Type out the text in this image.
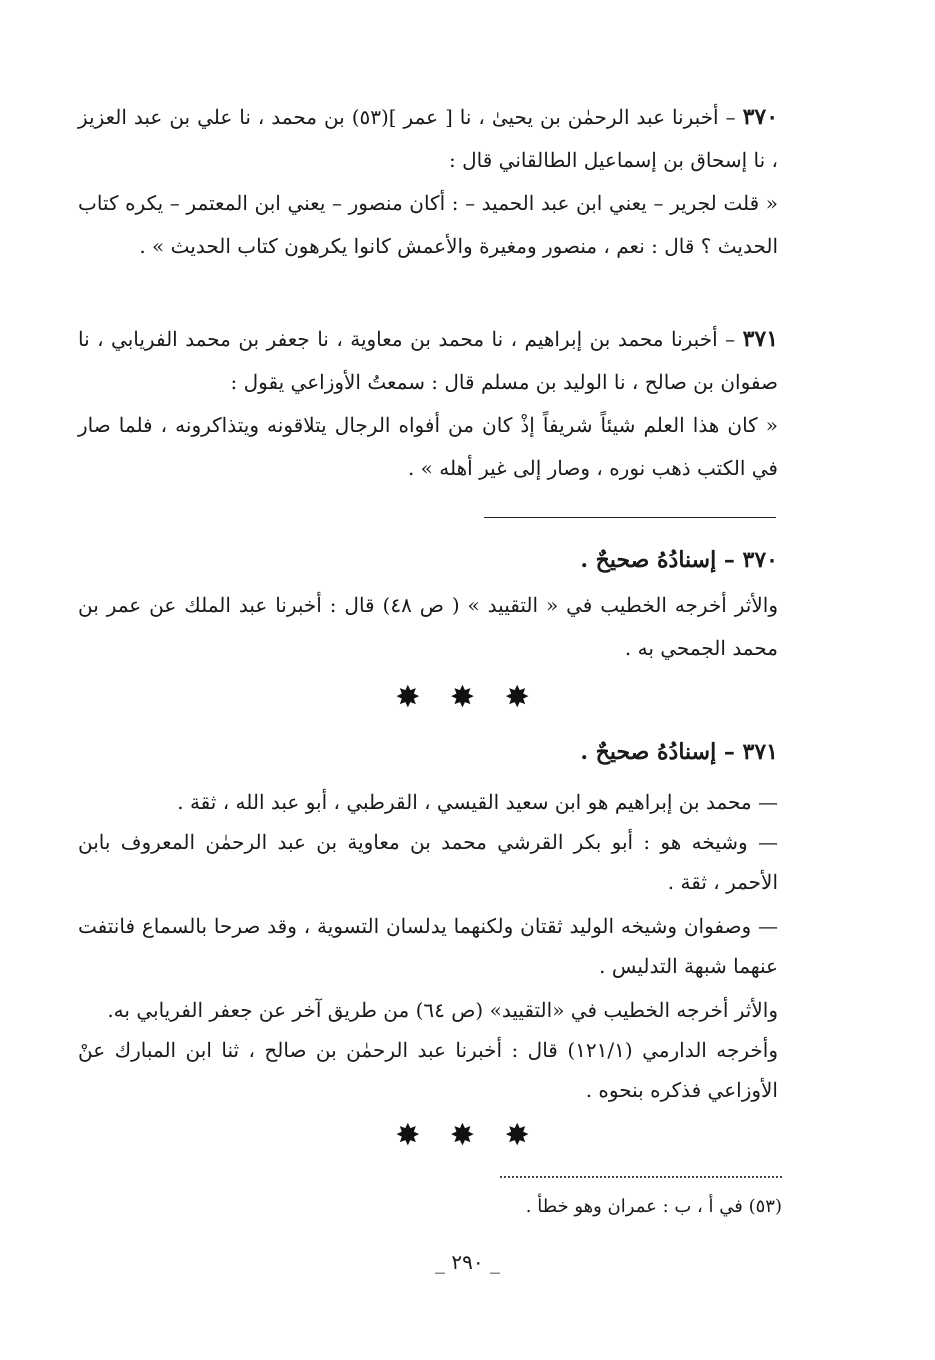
٣٧٠ – أخبرنا عبد الرحمٰن بن يحيىٰ ، نا [ عمر ](٥٣) بن محمد ، نا علي بن عبد العزيز ، نا إسحاق بن إسماعيل الطالقاني قال :

« قلت لجرير – يعني ابن عبد الحميد – : أكان منصور – يعني ابن المعتمر – يكره كتاب الحديث ؟ قال : نعم ، منصور ومغيرة والأعمش كانوا يكرهون كتاب الحديث » .

٣٧١ – أخبرنا محمد بن إبراهيم ، نا محمد بن معاوية ، نا جعفر بن محمد الفريابي ، نا صفوان بن صالح ، نا الوليد بن مسلم قال : سمعتُ الأوزاعي يقول :

« كان هذا العلم شيئاً شريفاً إذْ كان من أفواه الرجال يتلاقونه ويتذاكرونه ، فلما صار في الكتب ذهب نوره ، وصار إلى غير أهله » .

٣٧٠ – إسنادُهُ صحيحٌ .
والأثر أخرجه الخطيب في « التقييد » ( ص ٤٨) قال : أخبرنا عبد الملك عن عمر بن محمد الجمحي به .
✸ ✸ ✸
٣٧١ – إسنادُهُ صحيحٌ .

— محمد بن إبراهيم هو ابن سعيد القيسي ، القرطبي ، أبو عبد الله ، ثقة .

— وشيخه هو : أبو بكر القرشي محمد بن معاوية بن عبد الرحمٰن المعروف بابن الأحمر ، ثقة .

— وصفوان وشيخه الوليد ثقتان ولكنهما يدلسان التسوية ، وقد صرحا بالسماع فانتفت عنهما شبهة التدليس .

والأثر أخرجه الخطيب في «التقييد» (ص ٦٤) من طريق آخر عن جعفر الفريابي به.

وأخرجه الدارمي (١٢١/١) قال : أخبرنا عبد الرحمٰن بن صالح ، ثنا ابن المبارك عنْ الأوزاعي فذكره بنحوه .

✸ ✸ ✸
(٥٣) في أ ، ب : عمران وهو خطأ .
_ ٢٩٠ _
